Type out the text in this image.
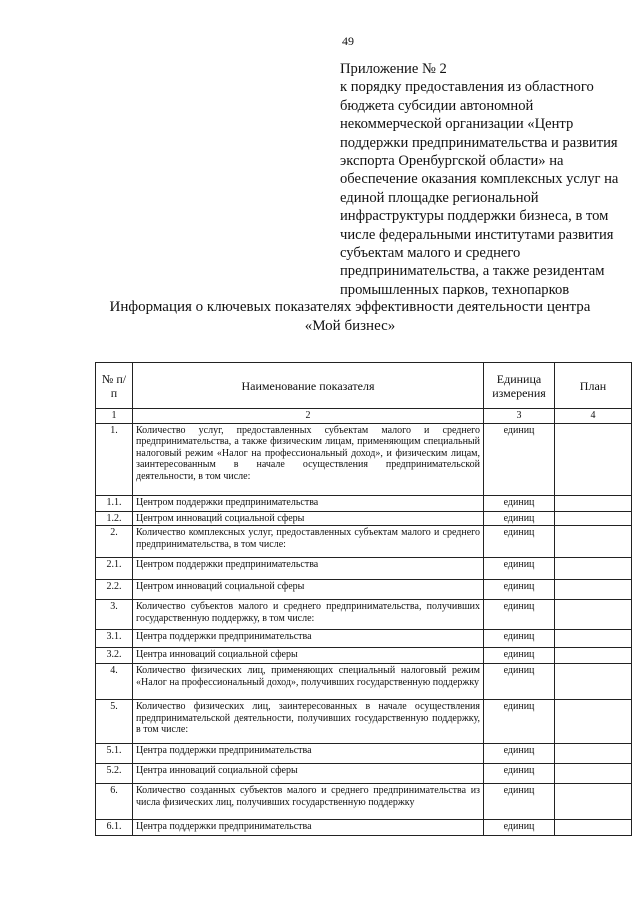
49
Приложение № 2
к порядку предоставления из областного
бюджета субсидии автономной
некоммерческой организации «Центр
поддержки предпринимательства и развития
экспорта Оренбургской области» на
обеспечение оказания комплексных услуг на
единой площадке региональной
инфраструктуры поддержки бизнеса, в том
числе федеральными институтами развития
субъектам малого и среднего
предпринимательства, а также резидентам
промышленных парков, технопарков
Информация о ключевых показателях эффективности деятельности центра
«Мой бизнес»
№ п/п	Наименование показателя	Единица измерения	План
1	2	3	4
1.	Количество услуг, предоставленных субъектам малого и среднего предпринимательства, а также физическим лицам, применяющим специальный налоговый режим «Налог на профессиональный доход», и физическим лицам, заинтересованным в начале осуществления предпринимательской деятельности, в том числе:	единиц	
1.1.	Центром поддержки предпринимательства	единиц	
1.2.	Центром инноваций социальной сферы	единиц	
2.	Количество комплексных услуг, предоставленных субъектам малого и среднего предпринимательства, в том числе:	единиц	
2.1.	Центром поддержки предпринимательства	единиц	
2.2.	Центром инноваций социальной сферы	единиц	
3.	Количество субъектов малого и среднего предпринимательства, получивших государственную поддержку, в том числе:	единиц	
3.1.	Центра поддержки предпринимательства	единиц	
3.2.	Центра инноваций социальной сферы	единиц	
4.	Количество физических лиц, применяющих специальный налоговый режим «Налог на профессиональный доход», получивших государственную поддержку	единиц	
5.	Количество физических лиц, заинтересованных в начале осуществления предпринимательской деятельности, получивших государственную поддержку, в том числе:	единиц	
5.1.	Центра поддержки предпринимательства	единиц	
5.2.	Центра инноваций социальной сферы	единиц	
6.	Количество созданных субъектов малого и среднего предпринимательства из числа физических лиц, получивших государственную поддержку	единиц	
6.1.	Центра поддержки предпринимательства	единиц	
